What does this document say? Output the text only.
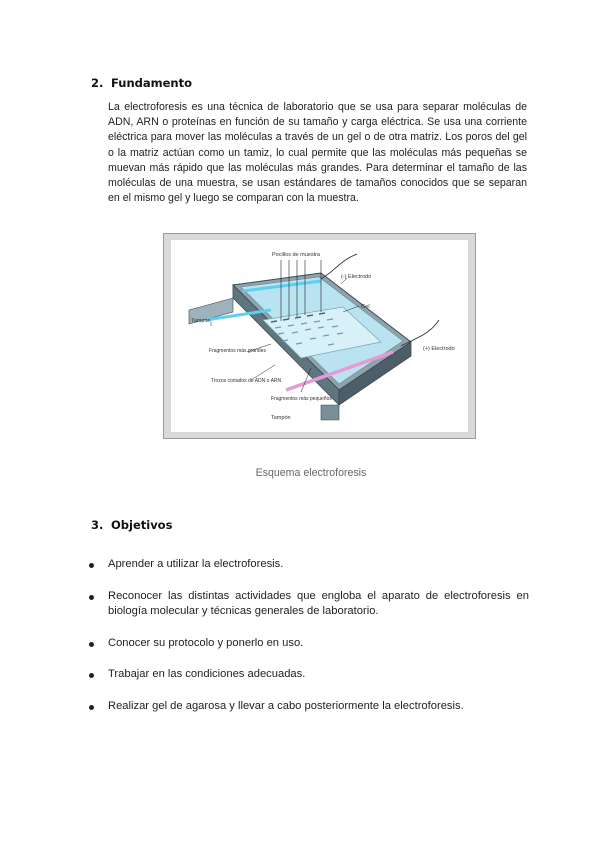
2. Fundamento
La electroforesis es una técnica de laboratorio que se usa para separar moléculas de ADN, ARN o proteínas en función de su tamaño y carga eléctrica. Se usa una corriente eléctrica para mover las moléculas a través de un gel o de otra matriz. Los poros del gel o la matriz actúan como un tamiz, lo cual permite que las moléculas más pequeñas se muevan más rápido que las moléculas más grandes. Para determinar el tamaño de las moléculas de una muestra, se usan estándares de tamaños conocidos que se separan en el mismo gel y luego se comparan con la muestra.
Pocillos de muestra
(-) Electrodo
Gel
Tampón
(+) Electrodo
Fragmentos más grandes
Trozos cortados de ADN o ARN
Fragmentos más pequeños
Tampón
Esquema electroforesis
3. Objetivos
Aprender a utilizar la electroforesis.
Reconocer las distintas actividades que engloba el aparato de electroforesis en biología molecular y técnicas generales de laboratorio.
Conocer su protocolo y ponerlo en uso.
Trabajar en las condiciones adecuadas.
Realizar gel de agarosa y llevar a cabo posteriormente la electroforesis.
